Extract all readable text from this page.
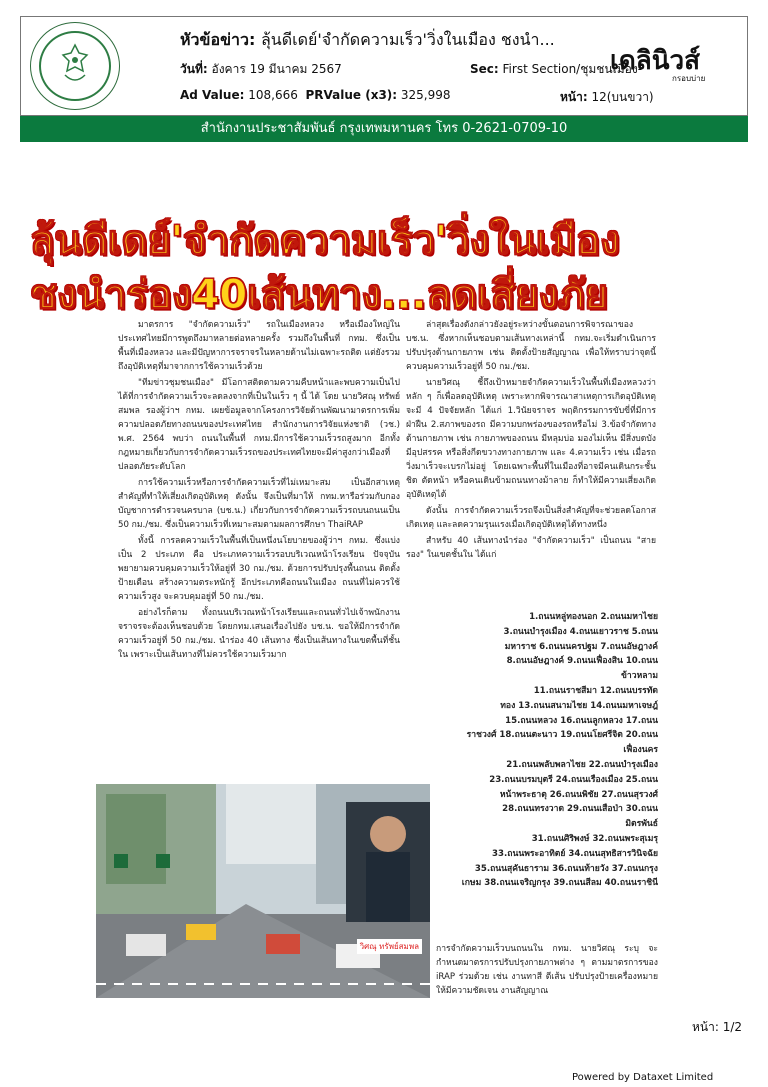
หัวข้อข่าว: ลุ้นดีเดย์'จำกัดความเร็ว'วิ่งในเมือง ชงนำ...
วันที่: อังคาร 19 มีนาคม 2567	Sec: First Section/ชุมชนเมือง-
Ad Value: 108,666 PRValue (x3): 325,998	หน้า: 12(บนขวา)
เดลินิวส์
กรอบบ่าย
สำนักงานประชาสัมพันธ์ กรุงเทพมหานคร โทร 0-2621-0709-10
ลุ้นดีเดย์'จำกัดความเร็ว'วิ่งในเมือง
ชงนำร่อง40เส้นทาง...ลดเสี่ยงภัย

มาตรการ "จำกัดความเร็ว" รถในเมืองหลวง หรือเมืองใหญ่ในประเทศไทยมีการพูดถึงมาหลายต่อหลายครั้ง รวมถึงในพื้นที่ กทม. ซึ่งเป็นพื้นที่เมืองหลวง และมีปัญหาการจราจรในหลายด้านไม่เฉพาะรถติด แต่ยังรวมถึงอุบัติเหตุที่มาจากการใช้ความเร็วด้วย

"ทีมข่าวชุมชนเมือง" มีโอกาสติดตามความคืบหน้าและพบความเป็นไปได้ที่การจำกัดความเร็วจะลดลงจากที่เป็นในเร็ว ๆ นี้ ได้ โดย นายวิศณุ ทรัพย์สมพล รองผู้ว่าฯ กทม. เผยข้อมูลจากโครงการวิจัยด้านพัฒนามาตรการเพิ่มความปลอดภัยทางถนนของประเทศไทย สำนักงานการวิจัยแห่งชาติ (วช.) พ.ศ. 2564 พบว่า ถนนในพื้นที่ กทม.มีการใช้ความเร็วรถสูงมาก อีกทั้งกฎหมายเกี่ยวกับการจำกัดความเร็วรถของประเทศไทยจะมีค่าสูงกว่าเมืองที่ปลอดภัยระดับโลก

การใช้ความเร็วหรือการจำกัดความเร็วที่ไม่เหมาะสม เป็นอีกสาเหตุสำคัญที่ทำให้เสี่ยงเกิดอุบัติเหตุ ดังนั้น จึงเป็นที่มาให้ กทม.หารือร่วมกับกองบัญชาการตำรวจนครบาล (บช.น.) เกี่ยวกับการจำกัดความเร็วรถบนถนนเป็น 50 กม./ชม. ซึ่งเป็นความเร็วที่เหมาะสมตามผลการศึกษา ThaiRAP

ทั้งนี้ การลดความเร็วในพื้นที่เป็นหนึ่งนโยบายของผู้ว่าฯ กทม. ซึ่งแบ่งเป็น 2 ประเภท คือ ประเภทความเร็วรอบบริเวณหน้าโรงเรียน ปัจจุบันพยายามควบคุมความเร็วให้อยู่ที่ 30 กม./ชม. ด้วยการปรับปรุงพื้นถนน ติดตั้งป้ายเตือน สร้างความตระหนักรู้ อีกประเภทคือถนนในเมือง ถนนที่ไม่ควรใช้ความเร็วสูง จะควบคุมอยู่ที่ 50 กม./ชม.

อย่างไรก็ตาม ทั้งถนนบริเวณหน้าโรงเรียนและถนนทั่วไปเจ้าพนักงานจราจรจะต้องเห็นชอบด้วย โดยกทม.เสนอเรื่องไปยัง บช.น. ขอให้มีการจำกัดความเร็วอยู่ที่ 50 กม./ชม. นำร่อง 40 เส้นทาง ซึ่งเป็นเส้นทางในเขตพื้นที่ชั้นใน เพราะเป็นเส้นทางที่ไม่ควรใช้ความเร็วมาก

ล่าสุดเรื่องดังกล่าวยังอยู่ระหว่างขั้นตอนการพิจารณาของ บช.น. ซึ่งหากเห็นชอบตามเส้นทางเหล่านี้ กทม.จะเริ่มดำเนินการปรับปรุงด้านกายภาพ เช่น ติดตั้งป้ายสัญญาณ เพื่อให้ทราบว่าจุดนี้ควบคุมความเร็วอยู่ที่ 50 กม./ชม.

นายวิศณุ ชี้ถึงเป้าหมายจำกัดความเร็วในพื้นที่เมืองหลวงว่า หลัก ๆ ก็เพื่อลดอุบัติเหตุ เพราะหากพิจารณาสาเหตุการเกิดอุบัติเหตุจะมี 4 ปัจจัยหลัก ได้แก่ 1.วินัยจราจร พฤติกรรมการขับขี่ที่มีการฝ่าฝืน 2.สภาพของรถ มีความบกพร่องของรถหรือไม่ 3.ข้อจำกัดทางด้านกายภาพ เช่น กายภาพของถนน มีหลุมบ่อ มองไม่เห็น มีสิ่งบดบัง มีอุปสรรค หรือสิ่งกีดขวางทางกายภาพ และ 4.ความเร็ว เช่น เมื่อรถวิ่งมาเร็วจะเบรกไม่อยู่ โดยเฉพาะพื้นที่ในเมืองที่อาจมีคนเดินกระชั้นชิด ตัดหน้า หรือคนเดินข้ามถนนทางม้าลาย ก็ทำให้มีความเสี่ยงเกิดอุบัติเหตุได้

ดังนั้น การจำกัดความเร็วรถจึงเป็นสิ่งสำคัญที่จะช่วยลดโอกาสเกิดเหตุ และลดความรุนแรงเมื่อเกิดอุบัติเหตุได้ทางหนึ่ง

สำหรับ 40 เส้นทางนำร่อง "จำกัดความเร็ว" เป็นถนน "สายรอง" ในเขตชั้นใน ได้แก่

1.ถนนหลู่ทองนอก 2.ถนนมหาไชย
3.ถนนบำรุงเมือง 4.ถนนเยาวราช 5.ถนน
มหาราช 6.ถนนนครปฐม 7.ถนนอัษฎางค์
8.ถนนอัษฎางค์ 9.ถนนเฟื่องสิน 10.ถนน
ข้าวหลาม
11.ถนนราชสีมา 12.ถนนบรรทัด
ทอง 13.ถนนสนามไชย 14.ถนนมหาเจษฎ์
15.ถนนหลวง 16.ถนนลูกหลวง 17.ถนน
ราชวงศ์ 18.ถนนตะนาว 19.ถนนโยศรีจิต 20.ถนน
เฟื่องนคร
21.ถนนพลับพลาไชย 22.ถนนบำรุงเมือง
23.ถนนบรมบุตรี 24.ถนนเรืองเมือง 25.ถนน
หน้าพระธาตุ 26.ถนนพิชัย 27.ถนนสุรวงศ์
28.ถนนทรงวาด 29.ถนนเสือป่า 30.ถนน
มิตรพันธ์
31.ถนนศิริพงษ์ 32.ถนนพระสุเมรุ
33.ถนนพระอาทิตย์ 34.ถนนสุทธิสารวินิจฉัย
35.ถนนสุคันธาราม 36.ถนนท้ายวัง 37.ถนนกรุง
เกษม 38.ถนนเจริญกรุง 39.ถนนสีลม 40.ถนนราชินี
การจำกัดความเร็วบนถนนใน กทม. นายวิศณุ ระบุ จะกำหนดมาตรการปรับปรุงกายภาพต่าง ๆ ตามมาตรการของ iRAP ร่วมด้วย เช่น งานทาสี ตีเส้น ปรับปรุงป้ายเครื่องหมายให้มีความชัดเจน งานสัญญาณ
วิศณุ ทรัพย์สมพล
หน้า: 1/2
Powered by Dataxet Limited
